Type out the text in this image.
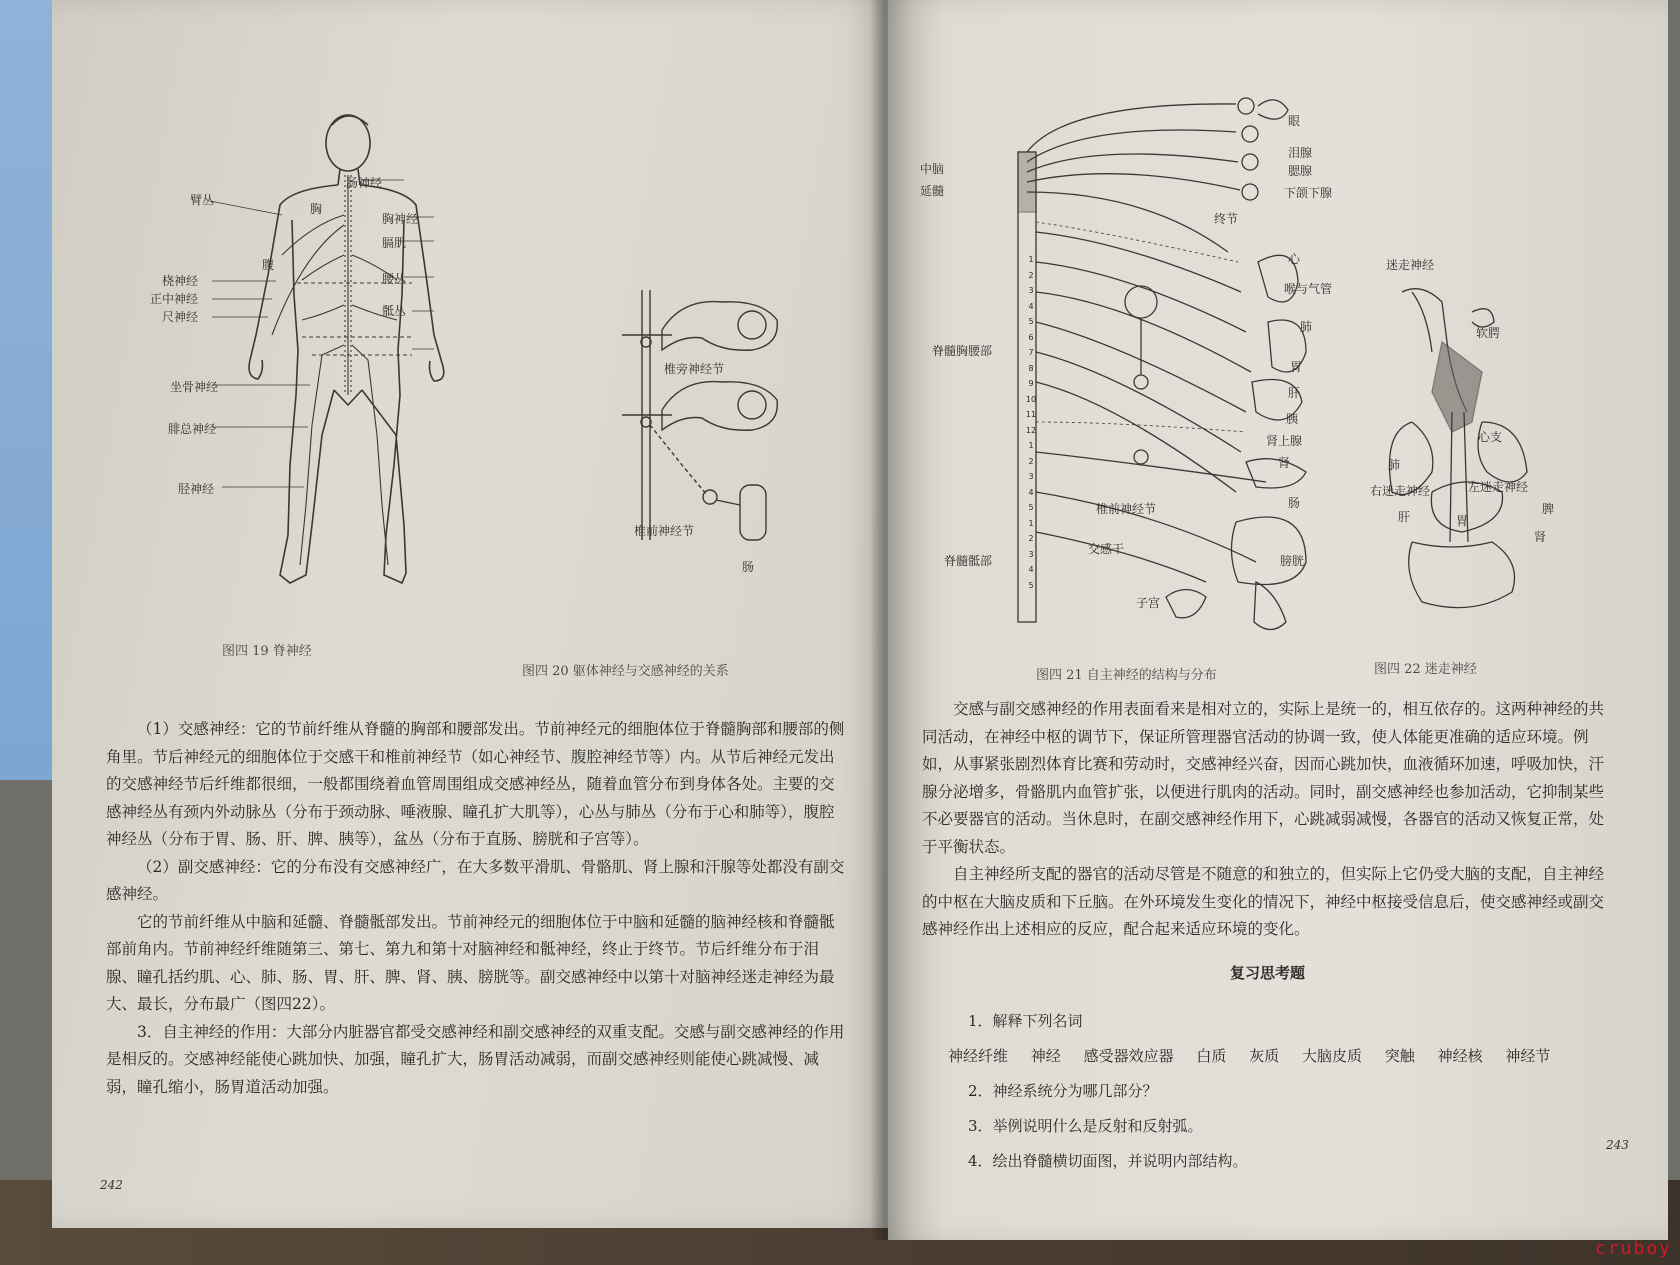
臂丛
肠神经
胸
胸神经
膈肌
腹
腰丛
桡神经
正中神经
尺神经	骶丛
坐骨神经
腓总神经
胫神经
图四 19 脊神经
椎旁神经节
椎前神经节
肠
图四 20 躯体神经与交感神经的关系

（1）交感神经：它的节前纤维从脊髓的胸部和腰部发出。节前神经元的细胞体位于脊髓胸部和腰部的侧角里。节后神经元的细胞体位于交感干和椎前神经节（如心神经节、腹腔神经节等）内。从节后神经元发出的交感神经节后纤维都很细，一般都围绕着血管周围组成交感神经丛，随着血管分布到身体各处。主要的交感神经丛有颈内外动脉丛（分布于颈动脉、唾液腺、瞳孔扩大肌等），心丛与肺丛（分布于心和肺等），腹腔神经丛（分布于胃、肠、肝、脾、胰等），盆丛（分布于直肠、膀胱和子宫等）。

（2）副交感神经：它的分布没有交感神经广，在大多数平滑肌、骨骼肌、肾上腺和汗腺等处都没有副交感神经。

它的节前纤维从中脑和延髓、脊髓骶部发出。节前神经元的细胞体位于中脑和延髓的脑神经核和脊髓骶部前角内。节前神经纤维随第三、第七、第九和第十对脑神经和骶神经，终止于终节。节后纤维分布于泪腺、瞳孔括约肌、心、肺、肠、胃、肝、脾、肾、胰、膀胱等。副交感神经中以第十对脑神经迷走神经为最大、最长，分布最广（图四22）。

3．自主神经的作用：大部分内脏器官都受交感神经和副交感神经的双重支配。交感与副交感神经的作用是相反的。交感神经能使心跳加快、加强，瞳孔扩大，肠胃活动减弱，而副交感神经则能使心跳减慢、减弱，瞳孔缩小，肠胃道活动加强。

242
中脑
延髓
脊髓胸腰部
脊髓骶部
椎前神经节
交感干
终节
眼
泪腺
腮腺
下颌下腺
心
喉与气管
肺
胃
肝
胰
肾上腺
肾
肠
膀胱
子宫
1
2
3
4
5
6
7
8
9
10
11
12
1
2
3
4
5
1
2
3
4
5
图四 21 自主神经的结构与分布
迷走神经
软腭
心支
肺
右迷走神经	左迷走神经
肝	胃
脾
肾
图四 22 迷走神经

交感与副交感神经的作用表面看来是相对立的，实际上是统一的，相互依存的。这两种神经的共同活动，在神经中枢的调节下，保证所管理器官活动的协调一致，使人体能更准确的适应环境。例如，从事紧张剧烈体育比赛和劳动时，交感神经兴奋，因而心跳加快，血液循环加速，呼吸加快，汗腺分泌增多，骨骼肌内血管扩张，以便进行肌肉的活动。同时，副交感神经也参加活动，它抑制某些不必要器官的活动。当休息时，在副交感神经作用下，心跳减弱减慢，各器官的活动又恢复正常，处于平衡状态。

自主神经所支配的器官的活动尽管是不随意的和独立的，但实际上它仍受大脑的支配，自主神经的中枢在大脑皮质和下丘脑。在外环境发生变化的情况下，神经中枢接受信息后，使交感神经或副交感神经作出上述相应的反应，配合起来适应环境的变化。

复习思考题
1．解释下列名词
神经纤维 神经 感受器效应器 白质 灰质 大脑皮质 突触 神经核 神经节
2．神经系统分为哪几部分？
3．举例说明什么是反射和反射弧。
4．绘出脊髓横切面图，并说明内部结构。
243
cruboy
